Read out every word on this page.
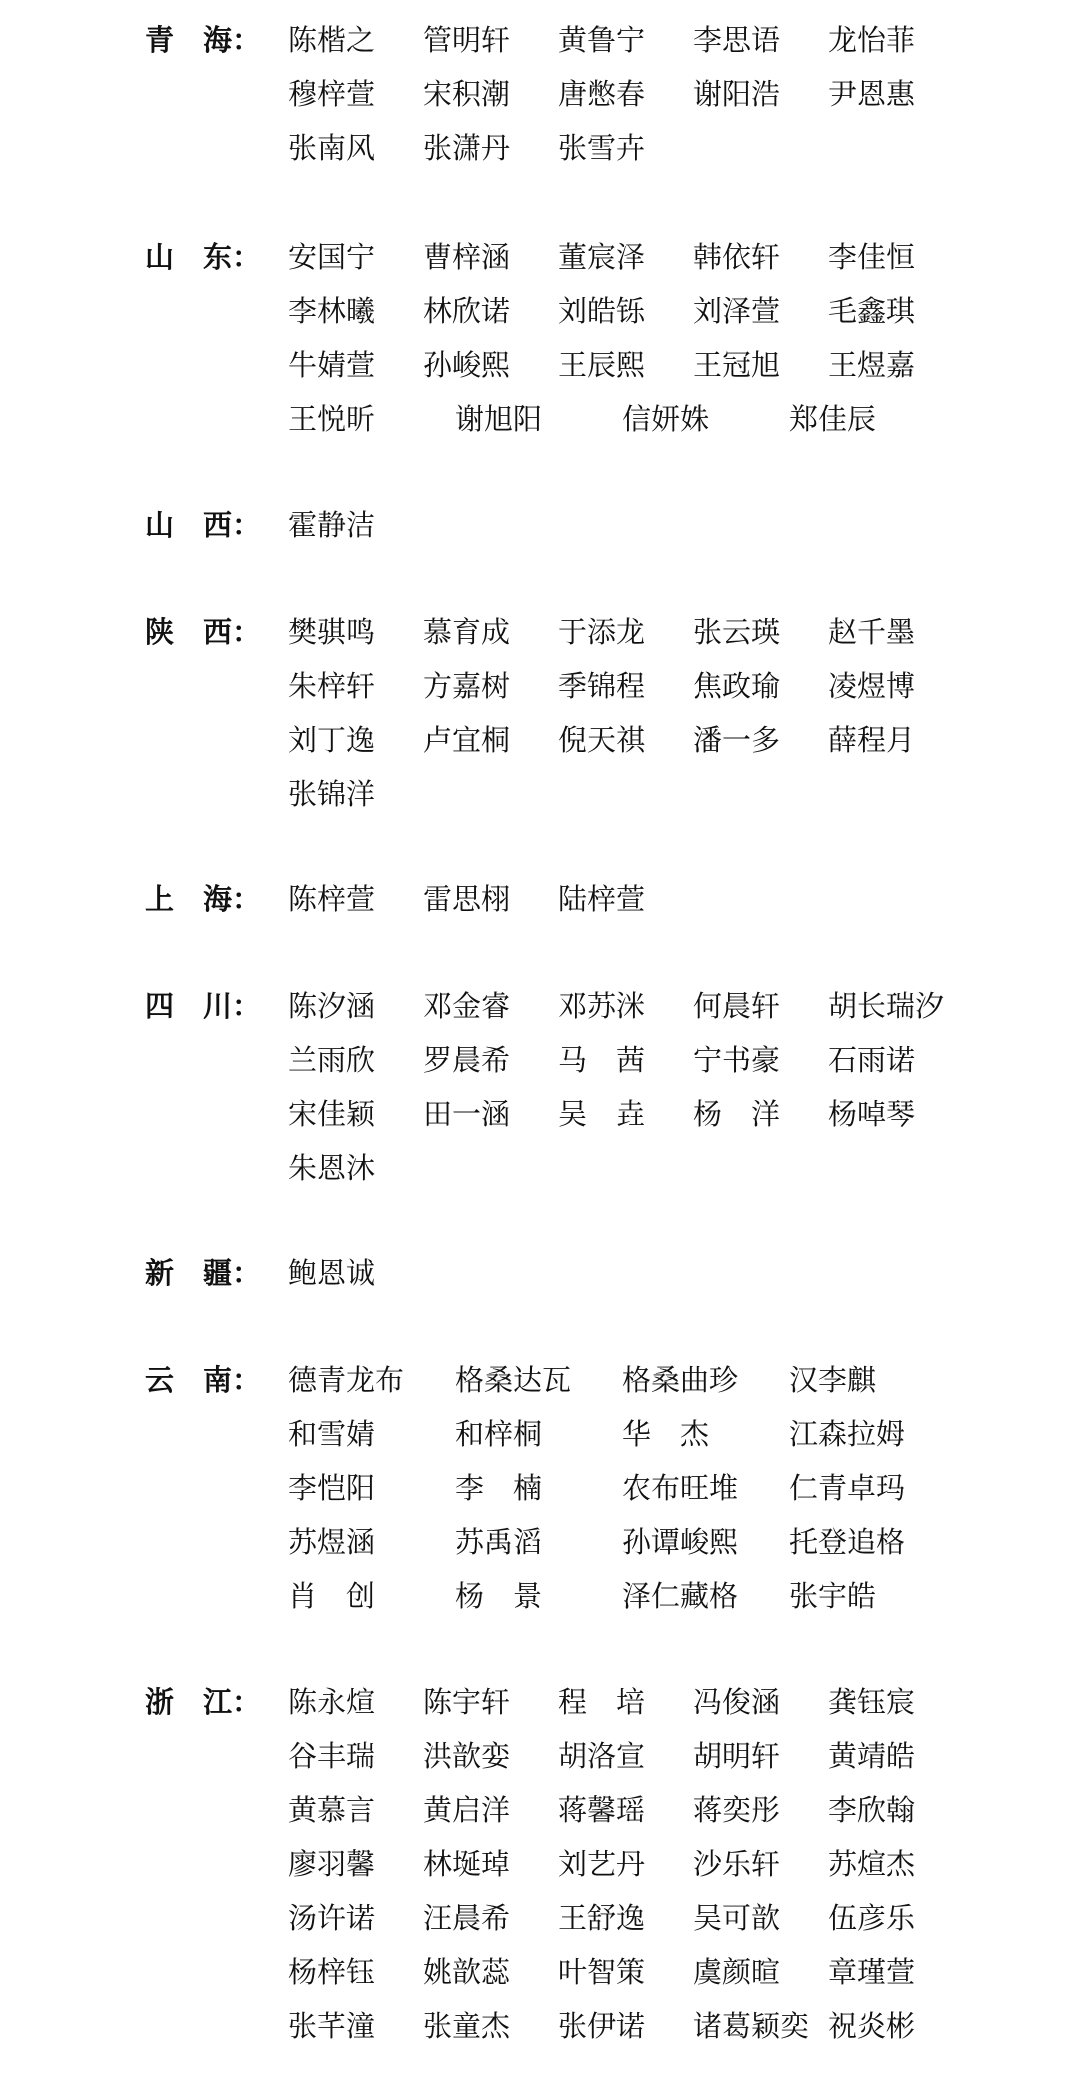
青　海： 陈楷之 管明轩 黄鲁宁 李思语 龙怡菲
穆梓萱 宋积潮 唐憋春 谢阳浩 尹恩惠
张南风 张潇丹 张雪卉
山　东： 安国宁 曹梓涵 董宸泽 韩依轩 李佳恒
李林曦 林欣诺 刘皓铄 刘泽萱 毛鑫琪
牛婧萱 孙峻熙 王辰熙 王冠旭 王煜嘉
王悦昕	谢旭阳	信妍姝	郑佳辰
山　西： 霍静洁
陕　西： 樊骐鸣 慕育成 于添龙 张云瑛 赵千墨
朱梓轩 方嘉树 季锦程 焦政瑜 凌煜博
刘丁逸 卢宜桐 倪天祺 潘一多 薛程月
张锦洋
上　海： 陈梓萱 雷思栩 陆梓萱
四　川： 陈汐涵 邓金睿 邓苏洣 何晨轩 胡长瑞汐
兰雨欣 罗晨希 马　茜 宁书豪 石雨诺
宋佳颖 田一涵 吴　垚 杨　洋 杨啅琴
朱恩沐
新　疆： 鲍恩诚
云　南： 德青龙布 格桑达瓦 格桑曲珍 汉李麒
和雪婧	和梓桐	华　杰	江森拉姆
李恺阳	李　楠	农布旺堆 仁青卓玛
苏煜涵	苏禹滔	孙谭峻熙 托登追格
肖　创	杨　景	泽仁藏格 张宇皓
浙　江： 陈永煊 陈宇轩 程　培 冯俊涵 龚钰宸
谷丰瑞 洪歆娈 胡洛宣 胡明轩 黄靖皓
黄慕言 黄启洋 蒋馨瑶 蒋奕彤 李欣翰
廖羽馨 林埏琸 刘艺丹 沙乐轩 苏煊杰
汤许诺 汪晨希 王舒逸 吴可歆 伍彦乐
杨梓钰 姚歆蕊 叶智策 虞颜暄 章瑾萱
张芊潼 张童杰 张伊诺 诸葛颖奕 祝炎彬
